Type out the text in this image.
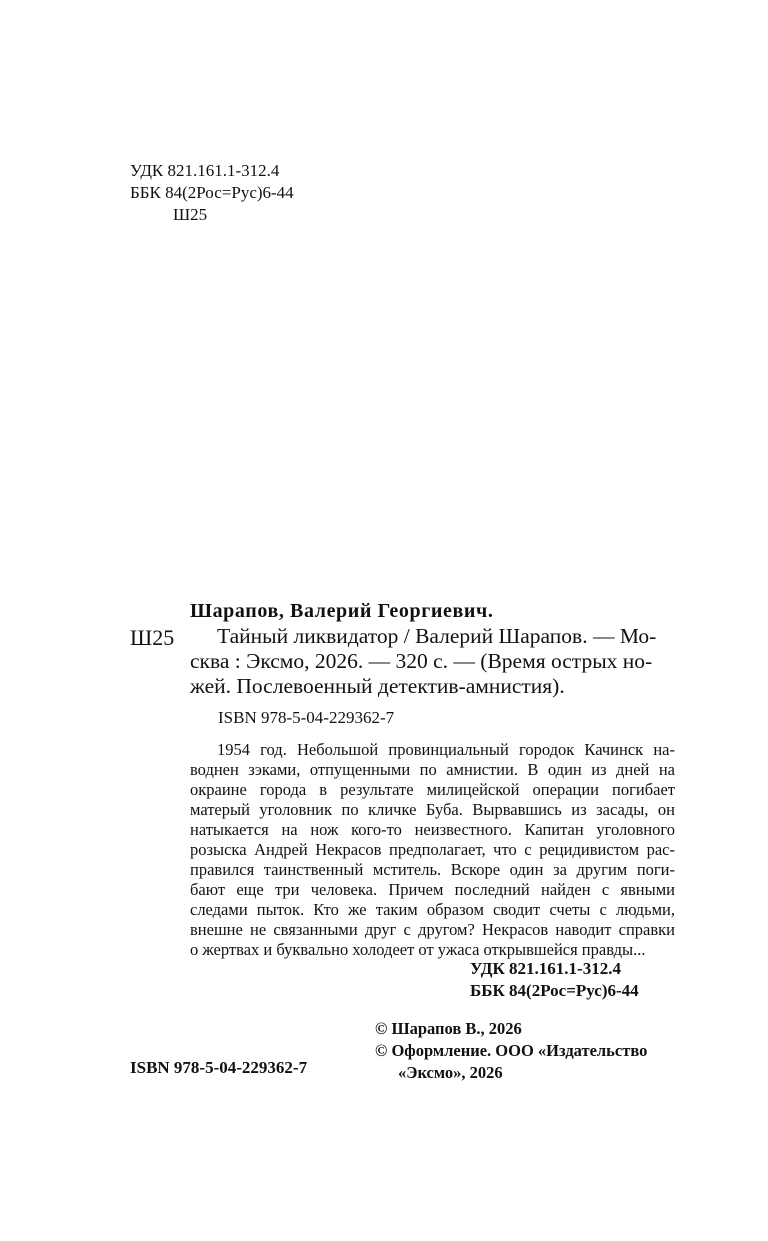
УДК 821.161.1-312.4
ББК 84(2Рос=Рус)6-44
Ш25
Шарапов, Валерий Георгиевич.
Ш25	Тайный ликвидатор / Валерий Шарапов. — Мо-
сква : Эксмо, 2026. — 320 с. — (Время острых но-
жей. Послевоенный детектив-амнистия).
ISBN 978-5-04-229362-7
1954 год. Небольшой провинциальный городок Качинск на-
воднен зэками, отпущенными по амнистии. В один из дней на
окраине города в результате милицейской операции погибает
матерый уголовник по кличке Буба. Вырвавшись из засады, он
натыкается на нож кого-то неизвестного. Капитан уголовного
розыска Андрей Некрасов предполагает, что с рецидивистом рас-
правился таинственный мститель. Вскоре один за другим поги-
бают еще три человека. Причем последний найден с явными
следами пыток. Кто же таким образом сводит счеты с людьми,
внешне не связанными друг с другом? Некрасов наводит справки
о жертвах и буквально холодеет от ужаса открывшейся правды...
УДК 821.161.1-312.4
ББК 84(2Рос=Рус)6-44
© Шарапов В., 2026
© Оформление. ООО «Издательство
«Эксмо», 2026
ISBN 978-5-04-229362-7
